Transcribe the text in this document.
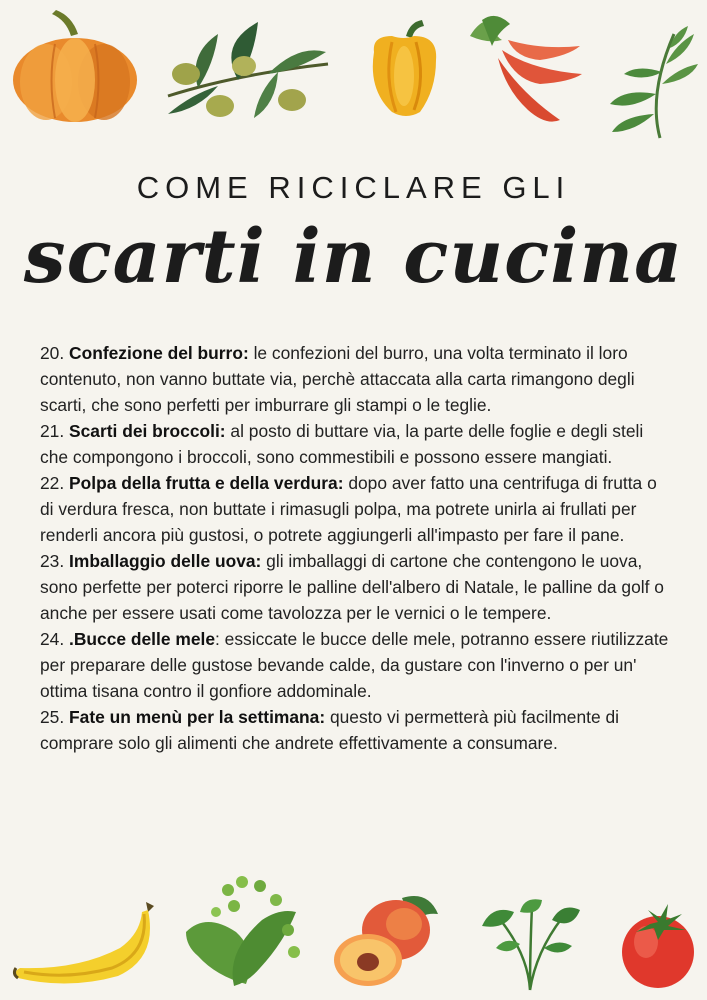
COME RICICLARE GLI
scarti in cucina

20. Confezione del burro: le confezioni del burro, una volta terminato il loro contenuto, non vanno buttate via, perchè attaccata alla carta rimangono degli scarti, che sono perfetti per imburrare gli stampi o le teglie.

21. Scarti dei broccoli: al posto di buttare via, la parte delle foglie e degli steli che compongono i broccoli, sono commestibili e possono essere mangiati.

22. Polpa della frutta e della verdura: dopo aver fatto una centrifuga di frutta o di verdura fresca, non buttate i rimasugli polpa, ma potrete unirla ai frullati per renderli ancora più gustosi, o potrete aggiungerli all'impasto per fare il pane.

23. Imballaggio delle uova: gli imballaggi di cartone che contengono le uova, sono perfette per poterci riporre le palline dell'albero di Natale, le palline da golf o anche per essere usati come tavolozza per le vernici o le tempere.

24. .Bucce delle mele: essiccate le bucce delle mele, potranno essere riutilizzate per preparare delle gustose bevande calde, da gustare con l'inverno o per un' ottima tisana contro il gonfiore addominale.

25. Fate un menù per la settimana: questo vi permetterà più facilmente di comprare solo gli alimenti che andrete effettivamente a consumare.
